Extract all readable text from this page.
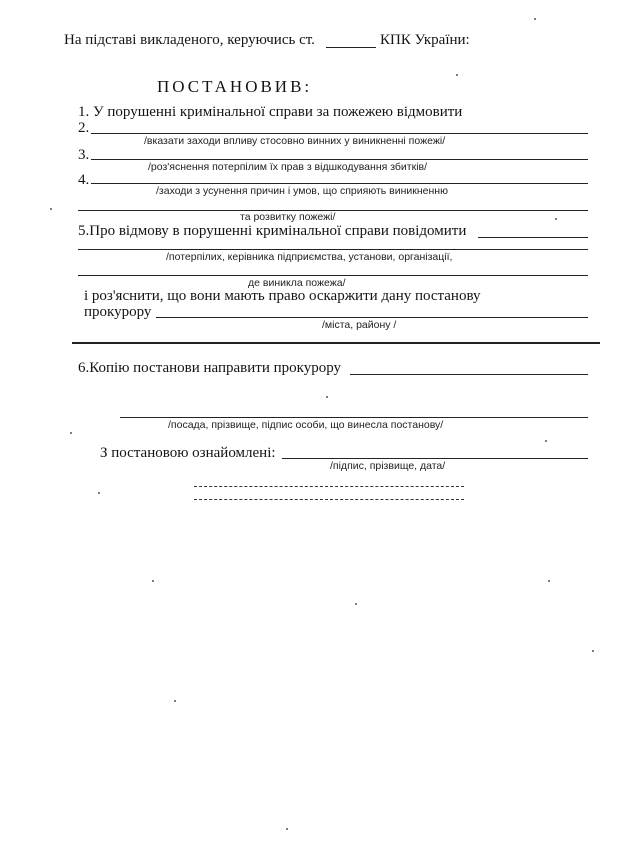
На підставі викладеного, керуючись ст.	КПК України:
ПОСТАНОВИВ:
1. У порушенні кримінальної справи за пожежею відмовити
2.
/вказати заходи впливу стосовно винних у виникненні пожежі/
3.
/роз'яснення потерпілим їх прав з відшкодування збитків/
4.
/заходи з усунення причин і умов, що сприяють виникненню
та розвитку пожежі/
5.Про відмову в порушенні кримінальної справи повідомити
/потерпілих, керівника підприємства, установи, організації,
де виникла пожежа/
і роз'яснити, що вони мають право оскаржити дану постанову
прокурору
/міста, району /
6.Копію постанови направити прокурору
/посада, прізвище, підпис особи, що винесла постанову/
З постановою ознайомлені:
/підпис, прізвище, дата/
